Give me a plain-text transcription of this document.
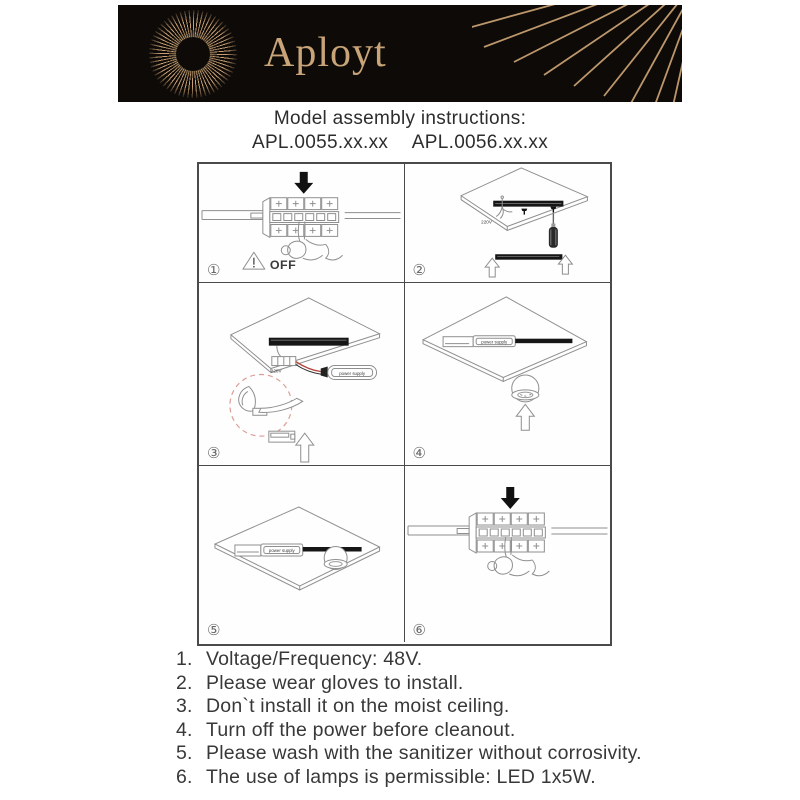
Aployt
Model assembly instructions:
APL.0055.xx.xx APL.0056.xx.xx
OFF
①
220V
②
220V	power supply
③
power supply
④
power supply
⑤	⑥
1. Voltage/Frequency: 48V.
2. Please wear gloves to install.
3. Don`t install it on the moist ceiling.
4. Turn off the power before cleanout.
5. Please wash with the sanitizer without corrosivity.
6. The use of lamps is permissible: LED 1x5W.
